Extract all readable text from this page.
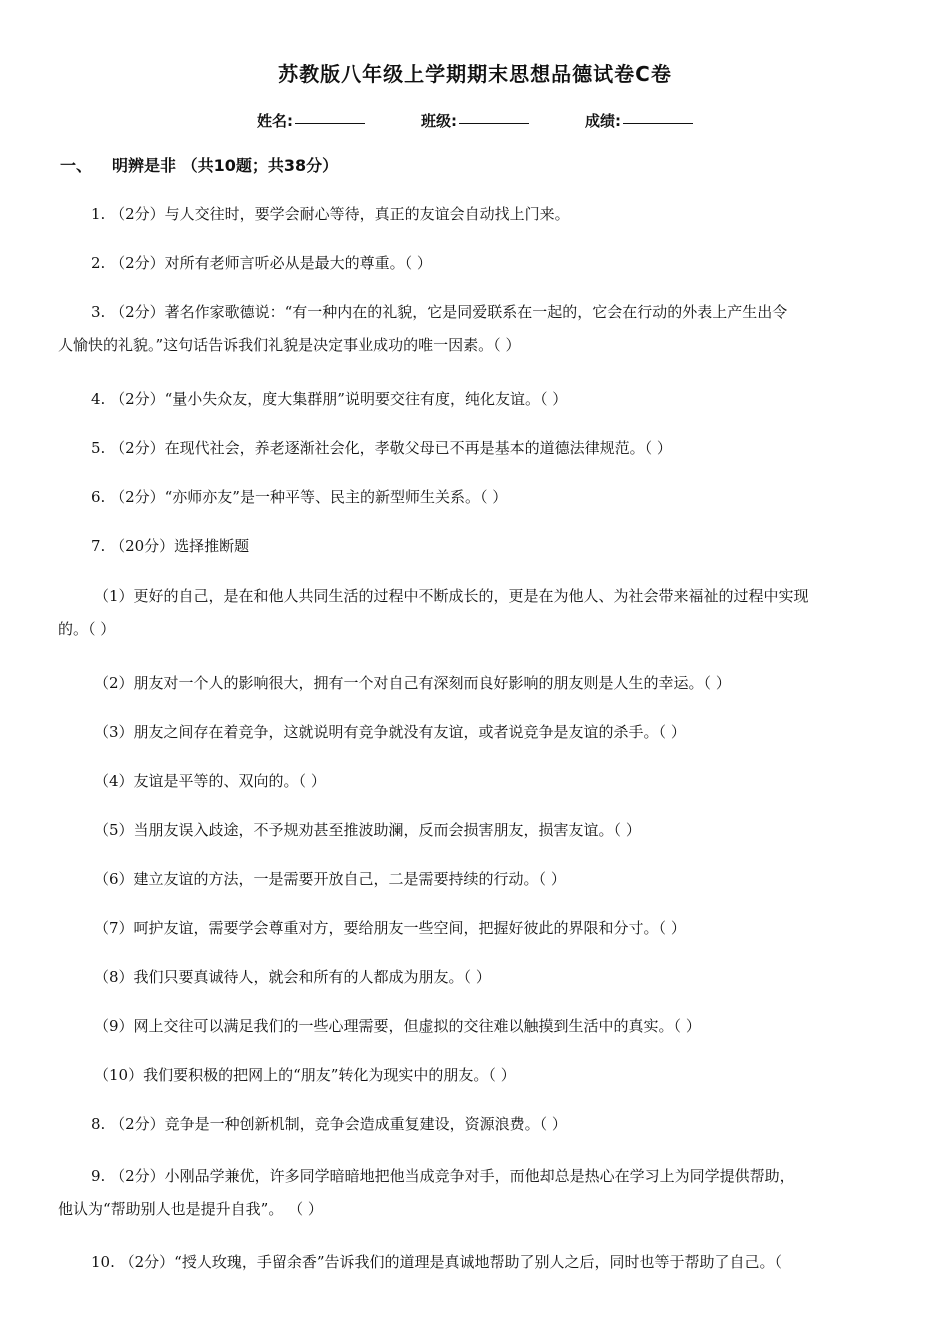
苏教版八年级上学期期末思想品德试卷C卷
姓名:	班级:	成绩:
一、 明辨是非 （共10题；共38分）
1. （2分）与人交往时，要学会耐心等待，真正的友谊会自动找上门来。
2. （2分）对所有老师言听必从是最大的尊重。（ ）
3. （2分）著名作家歌德说：“有一种内在的礼貌，它是同爱联系在一起的，它会在行动的外表上产生出令
人愉快的礼貌。”这句话告诉我们礼貌是决定事业成功的唯一因素。（ ）
4. （2分）“量小失众友，度大集群朋”说明要交往有度，纯化友谊。（ ）
5. （2分）在现代社会，养老逐渐社会化，孝敬父母已不再是基本的道德法律规范。（ ）
6. （2分）“亦师亦友”是一种平等、民主的新型师生关系。（ ）
7. （20分）选择推断题
（1）更好的自己，是在和他人共同生活的过程中不断成长的，更是在为他人、为社会带来福祉的过程中实现
的。（ ）
（2）朋友对一个人的影响很大，拥有一个对自己有深刻而良好影响的朋友则是人生的幸运。（ ）
（3）朋友之间存在着竞争，这就说明有竞争就没有友谊，或者说竞争是友谊的杀手。（ ）
（4）友谊是平等的、双向的。（ ）
（5）当朋友误入歧途，不予规劝甚至推波助澜，反而会损害朋友，损害友谊。（ ）
（6）建立友谊的方法，一是需要开放自己，二是需要持续的行动。（ ）
（7）呵护友谊，需要学会尊重对方，要给朋友一些空间，把握好彼此的界限和分寸。（ ）
（8）我们只要真诚待人，就会和所有的人都成为朋友。（ ）
（9）网上交往可以满足我们的一些心理需要，但虚拟的交往难以触摸到生活中的真实。（ ）
（10）我们要积极的把网上的“朋友”转化为现实中的朋友。（ ）
8. （2分）竞争是一种创新机制，竞争会造成重复建设，资源浪费。（ ）
9. （2分）小刚品学兼优，许多同学暗暗地把他当成竞争对手，而他却总是热心在学习上为同学提供帮助，
他认为“帮助别人也是提升自我”。 （ ）
10. （2分）“授人玫瑰，手留余香”告诉我们的道理是真诚地帮助了别人之后，同时也等于帮助了自己。（
